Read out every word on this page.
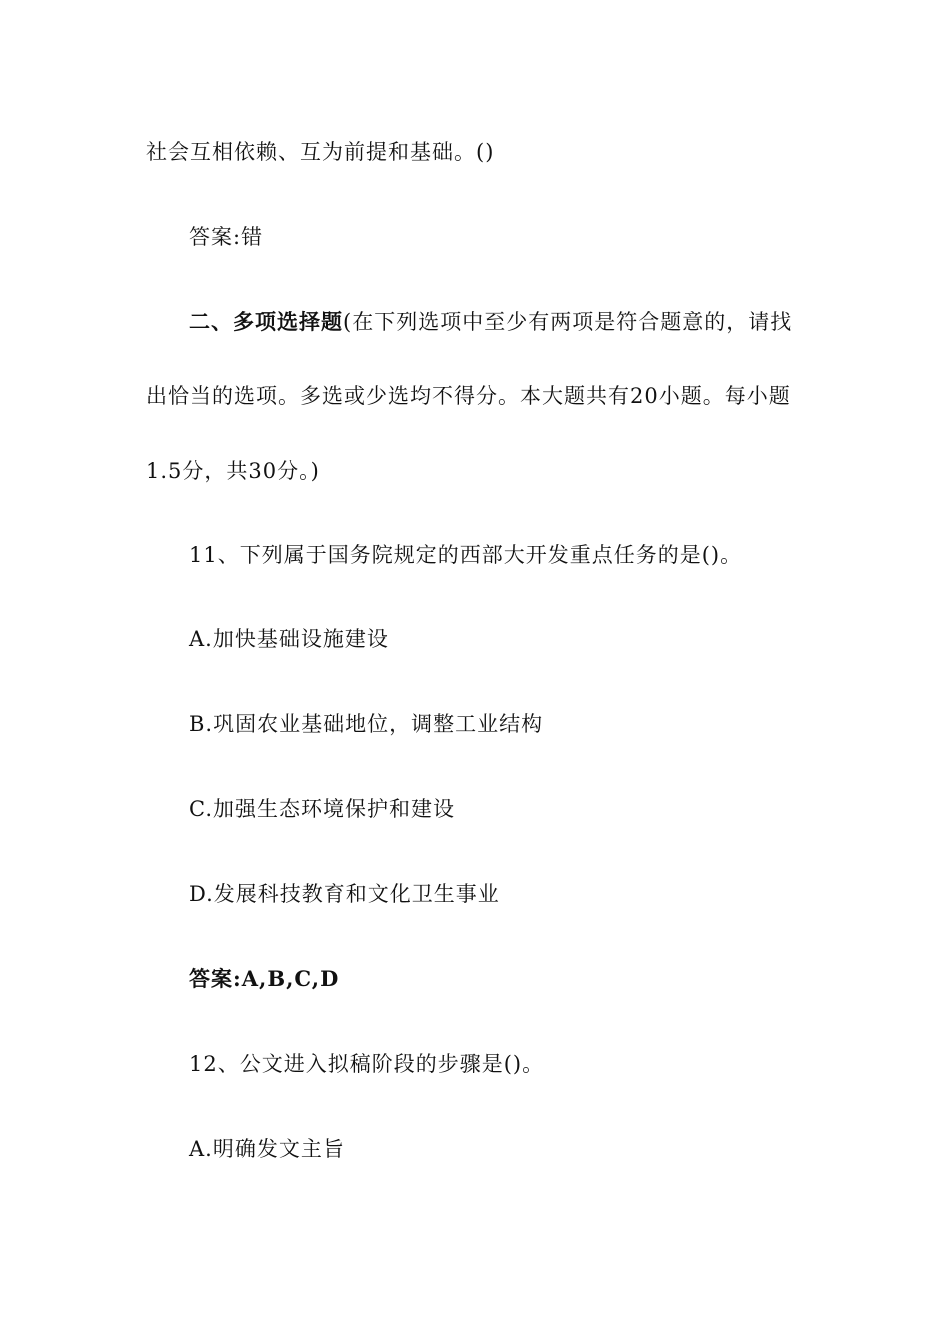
社会互相依赖、互为前提和基础。()
答案:错
二、多项选择题(在下列选项中至少有两项是符合题意的，请找
出恰当的选项。多选或少选均不得分。本大题共有20小题。每小题
1.5分，共30分。)
11、下列属于国务院规定的西部大开发重点任务的是()。
A.加快基础设施建设
B.巩固农业基础地位，调整工业结构
C.加强生态环境保护和建设
D.发展科技教育和文化卫生事业
答案:A,B,C,D
12、公文进入拟稿阶段的步骤是()。
A.明确发文主旨
